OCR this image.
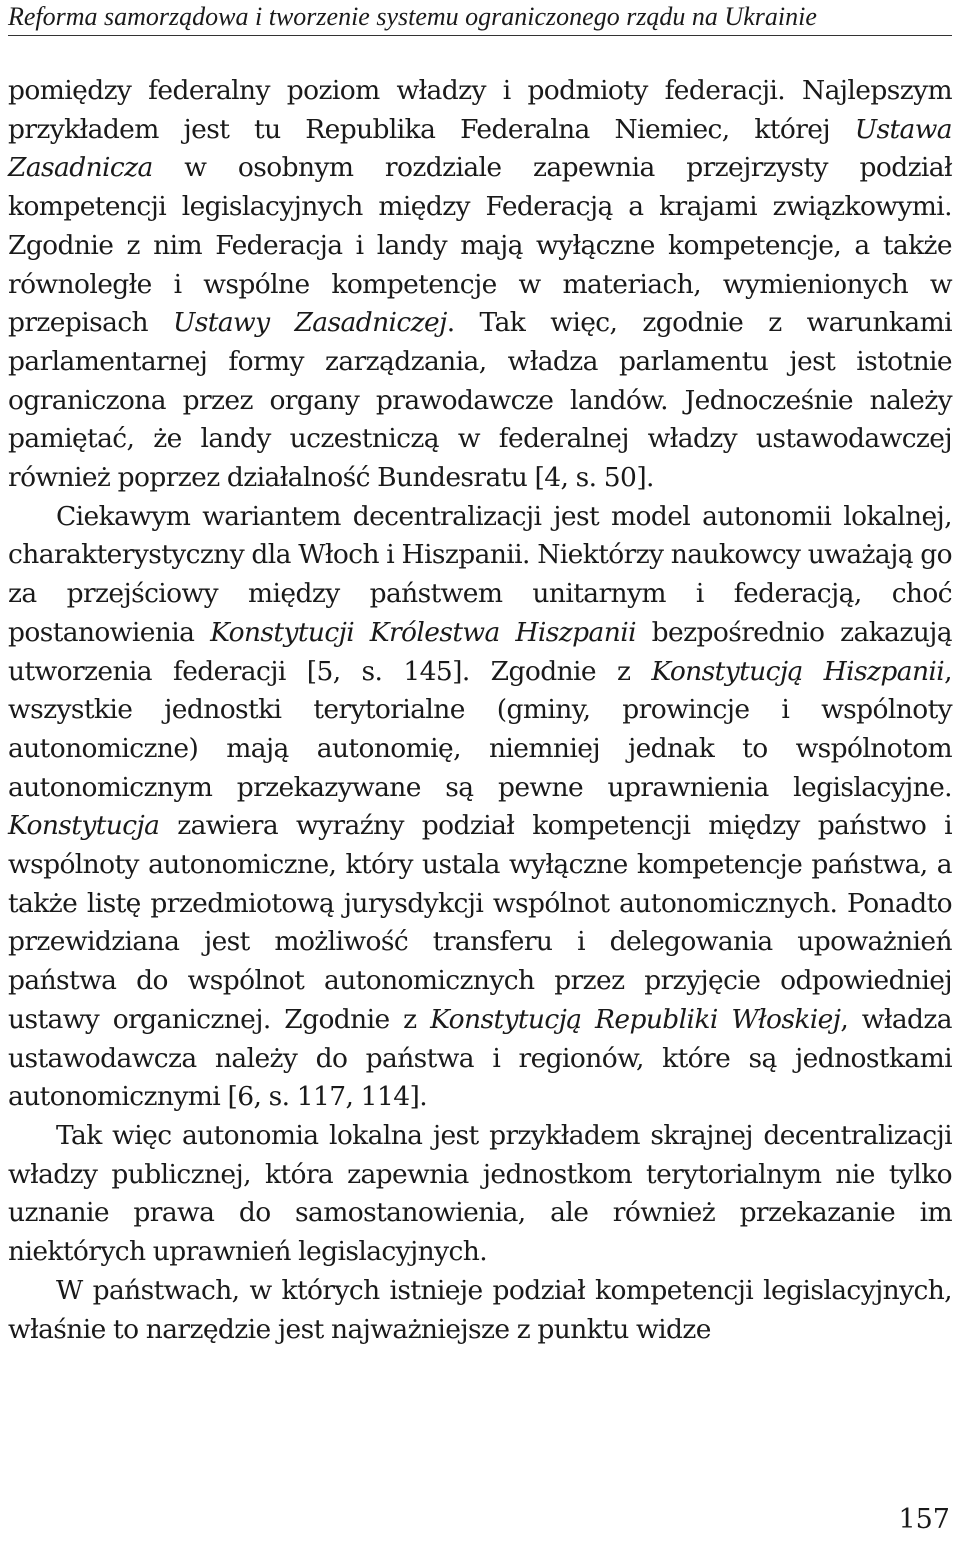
Reforma samorządowa i tworzenie systemu ograniczonego rządu na Ukrainie

pomiędzy federalny poziom władzy i podmioty federacji. Najlepszym przykładem jest tu Republika Federalna Niemiec, której Ustawa Zasadnicza w osobnym rozdziale zapewnia przejrzysty podział kompetencji legislacyjnych między Federacją a krajami związkowymi. Zgodnie z nim Federacja i landy mają wyłączne kompetencje, a także równoległe i wspólne kompetencje w materiach, wymienionych w przepisach Ustawy Zasadniczej. Tak więc, zgodnie z warunkami parlamentarnej formy zarządzania, władza parlamentu jest istotnie ograniczona przez organy prawodawcze landów. Jednocześnie należy pamiętać, że landy uczestniczą w federalnej władzy ustawodawczej również poprzez działalność Bundesratu [4, s. 50].

Ciekawym wariantem decentralizacji jest model autonomii lokalnej, charakterystyczny dla Włoch i Hiszpanii. Niektórzy naukowcy uważają go za przejściowy między państwem unitarnym i federacją, choć postanowienia Konstytucji Królestwa Hiszpanii bezpośrednio zakazują utworzenia federacji [5, s. 145]. Zgodnie z Konstytucją Hiszpanii, wszystkie jednostki terytorialne (gminy, prowincje i wspólnoty autonomiczne) mają autonomię, niemniej jednak to wspólnotom autonomicznym przekazywane są pewne uprawnienia legislacyjne. Konstytucja zawiera wyraźny podział kompetencji między państwo i wspólnoty autonomiczne, który ustala wyłączne kompetencje państwa, a także listę przedmiotową jurysdykcji wspólnot autonomicznych. Ponadto przewidziana jest możliwość transferu i delegowania upoważnień państwa do wspólnot autonomicznych przez przyjęcie odpowiedniej ustawy organicznej. Zgodnie z Konstytucją Republiki Włoskiej, władza ustawodawcza należy do państwa i regionów, które są jednostkami autonomicznymi [6, s. 117, 114].

Tak więc autonomia lokalna jest przykładem skrajnej decentralizacji władzy publicznej, która zapewnia jednostkom terytorialnym nie tylko uznanie prawa do samostanowienia, ale również przekazanie im niektórych uprawnień legislacyjnych.

W państwach, w których istnieje podział kompetencji legislacyjnych, właśnie to narzędzie jest najważniejsze z punktu widze

157
